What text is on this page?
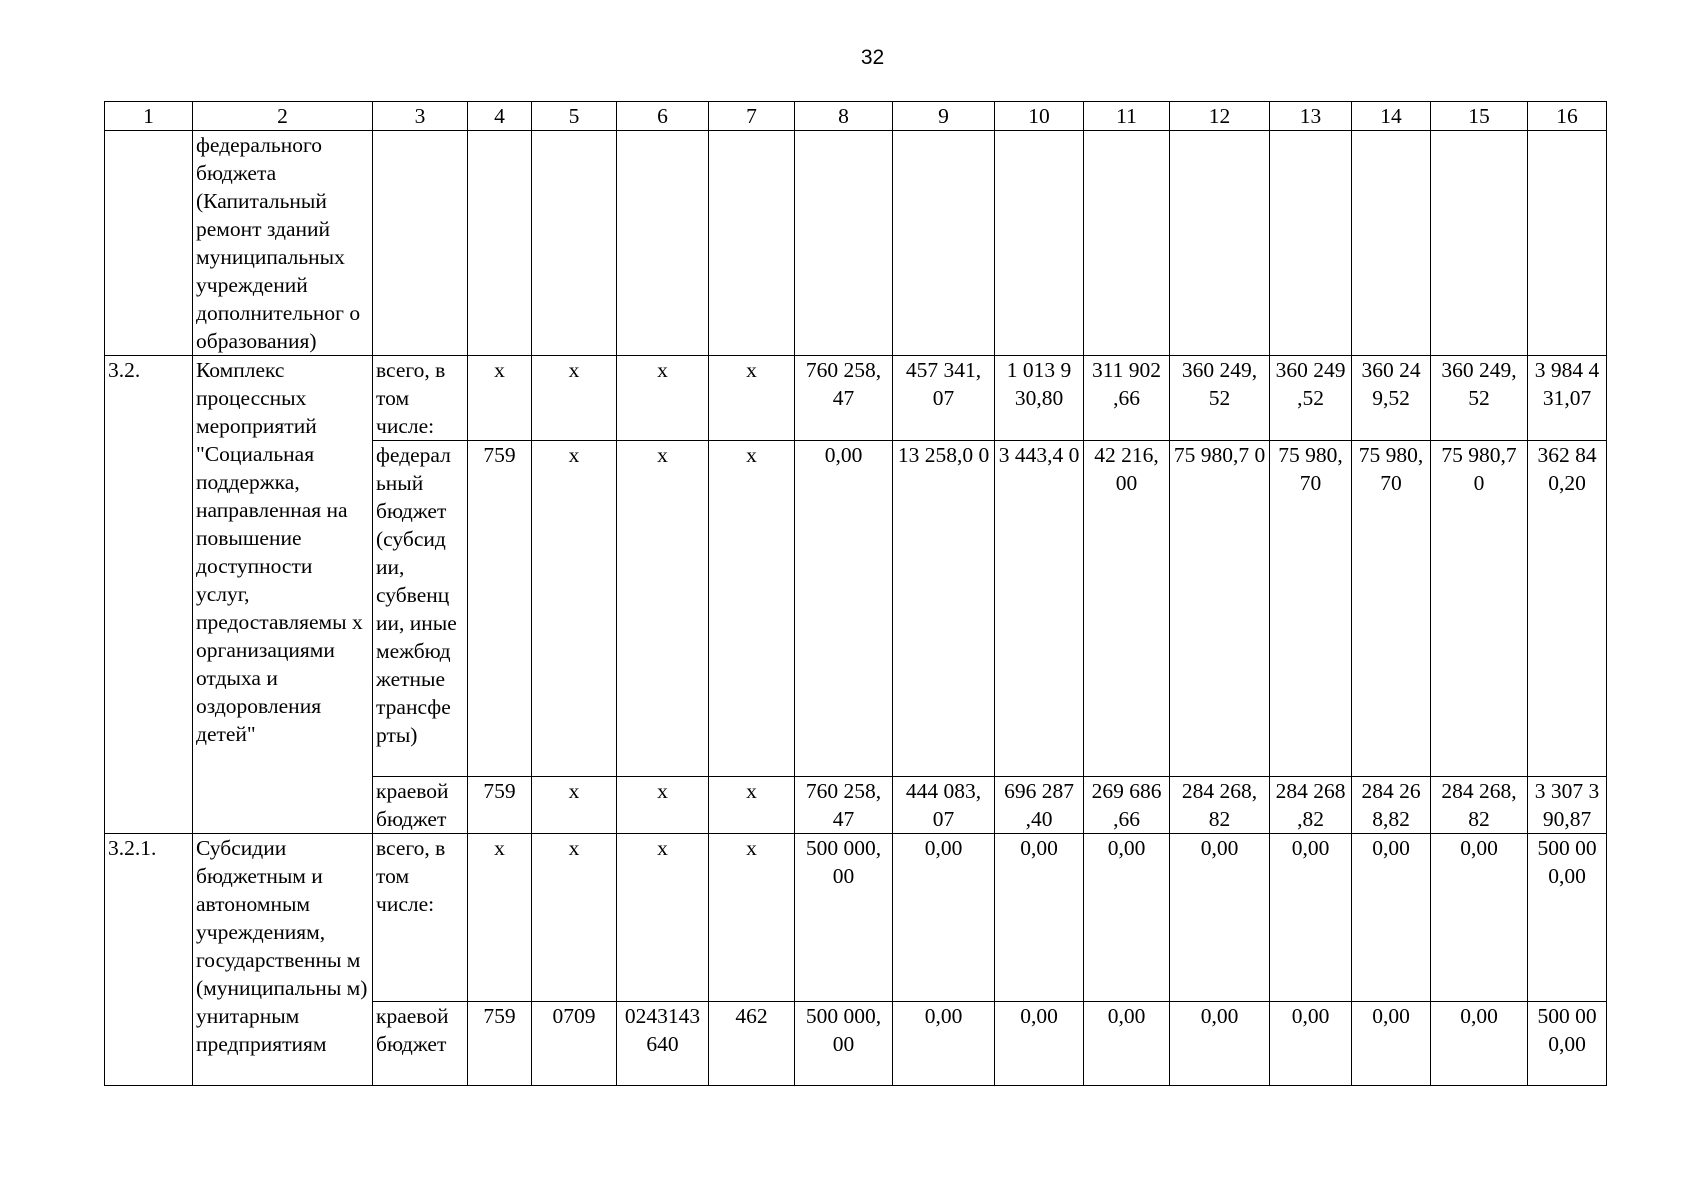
32
1	2	3	4	5	6	7	8	9	10	11	12	13	14	15	16
	федерального бюджета (Капитальный ремонт зданий муниципальных учреждений дополнительног о образования)														
3.2.	Комплекс процессных мероприятий "Социальная поддержка, направленная на повышение доступности услуг, предоставляемы х организациями отдыха и оздоровления детей"	всего, в том числе:	x	x	x	x	760 258, 47	457 341, 07	1 013 9 30,80	311 902 ,66	360 249, 52	360 249 ,52	360 24 9,52	360 249, 52	3 984 4 31,07
		федерал ьный бюджет (субсид ии, субвенц ии, иные межбюд жетные трансфе рты)	759	x	x	x	0,00	13 258,0 0	3 443,4 0	42 216, 00	75 980,7 0	75 980, 70	75 980, 70	75 980,7 0	362 84 0,20
		краевой бюджет	759	x	x	x	760 258, 47	444 083, 07	696 287 ,40	269 686 ,66	284 268, 82	284 268 ,82	284 26 8,82	284 268, 82	3 307 3 90,87
3.2.1.	Субсидии бюджетным и автономным учреждениям, государственны м (муниципальны м) унитарным предприятиям	всего, в том числе:	x	x	x	x	500 000, 00	0,00	0,00	0,00	0,00	0,00	0,00	0,00	500 00 0,00
		краевой бюджет	759	0709	0243143 640	462	500 000, 00	0,00	0,00	0,00	0,00	0,00	0,00	0,00	500 00 0,00
